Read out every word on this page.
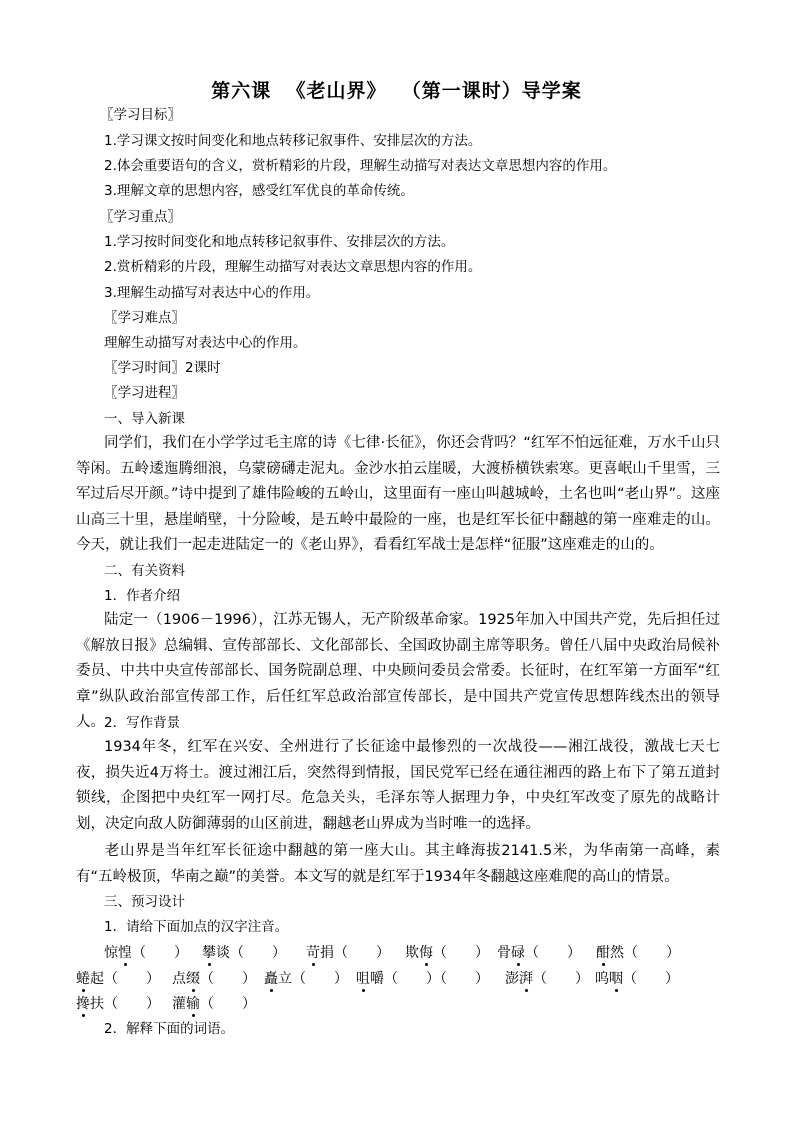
第六课  《老山界》  （第一课时）导学案
〖学习目标〗
1.学习课文按时间变化和地点转移记叙事件、安排层次的方法。
2.体会重要语句的含义，赏析精彩的片段，理解生动描写对表达文章思想内容的作用。
3.理解文章的思想内容，感受红军优良的革命传统。
〖学习重点〗
1.学习按时间变化和地点转移记叙事件、安排层次的方法。
2.赏析精彩的片段，理解生动描写对表达文章思想内容的作用。
3.理解生动描写对表达中心的作用。
〖学习难点〗
理解生动描写对表达中心的作用。
〖学习时间〗2课时
〖学习进程〗
一、导入新课
同学们，我们在小学学过毛主席的诗《七律·长征》，你还会背吗？“红军不怕远征难，万水千山只等闲。五岭逶迤腾细浪，乌蒙磅礴走泥丸。金沙水拍云崖暖，大渡桥横铁索寒。更喜岷山千里雪，三军过后尽开颜。”诗中提到了雄伟险峻的五岭山，这里面有一座山叫越城岭，土名也叫“老山界”。这座山高三十里，悬崖峭壁，十分险峻，是五岭中最险的一座，也是红军长征中翻越的第一座难走的山。今天，就让我们一起走进陆定一的《老山界》，看看红军战士是怎样“征服”这座难走的山的。
二、有关资料
1．作者介绍
陆定一（1906－1996），江苏无锡人，无产阶级革命家。1925年加入中国共产党，先后担任过《解放日报》总编辑、宣传部部长、文化部部长、全国政协副主席等职务。曾任八届中央政治局候补委员、中共中央宣传部部长、国务院副总理、中央顾问委员会常委。长征时，在红军第一方面军“红章”纵队政治部宣传部工作，后任红军总政治部宣传部长，是中国共产党宣传思想阵线杰出的领导人。 2．写作背景
1934年冬，红军在兴安、全州进行了长征途中最惨烈的一次战役——湘江战役，激战七天七夜，损失近4万将士。渡过湘江后，突然得到情报，国民党军已经在通往湘西的路上布下了第五道封锁线，企图把中央红军一网打尽。危急关头，毛泽东等人据理力争，中央红军改变了原先的战略计划，决定向敌人防御薄弱的山区前进，翻越老山界成为当时唯一的选择。
老山界是当年红军长征途中翻越的第一座大山。其主峰海拔2141.5米，为华南第一高峰，素有“五岭极顶，华南之巅”的美誉。本文写的就是红军于1934年冬翻越这座难爬的高山的情景。
三、预习设计
1．请给下面加点的汉字注音。
惊惶（　　） 攀谈（　　） 苛捐（　　） 欺侮（　　） 骨碌（　　） 酣然（　　）
蜷起（　　） 点缀（　　） 矗立（　　） 咀嚼（　　）（　　） 澎湃（　　） 呜咽（　　）
搀扶（　　） 灌输（　　）
2．解释下面的词语。
